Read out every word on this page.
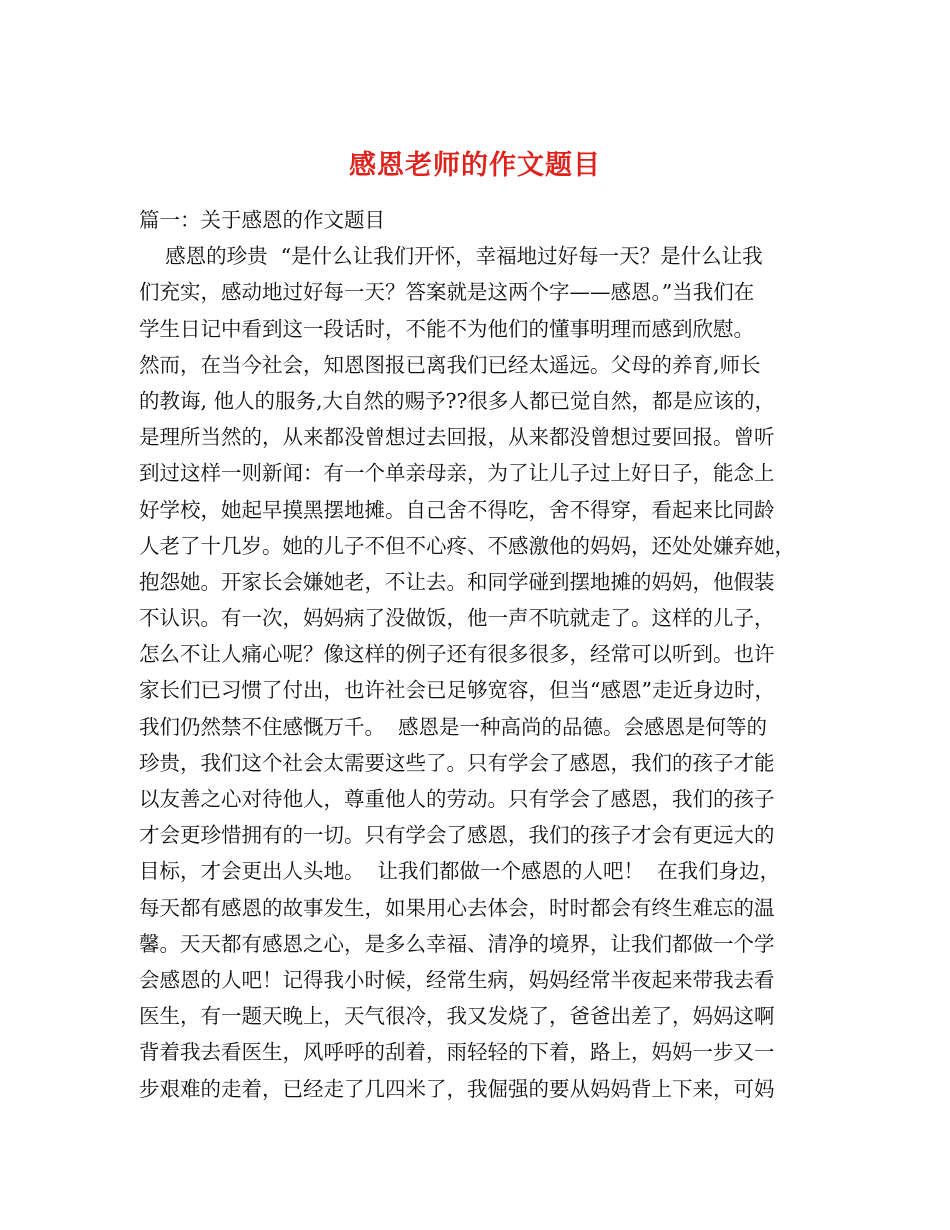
感恩老师的作文题目
篇一：关于感恩的作文题目
感恩的珍贵  “是什么让我们开怀，幸福地过好每一天？是什么让我
们充实，感动地过好每一天？答案就是这两个字——感恩。”当我们在
学生日记中看到这一段话时，不能不为他们的懂事明理而感到欣慰。
然而，在当今社会，知恩图报已离我们已经太遥远。父母的养育,师长
的教诲, 他人的服务,大自然的赐予??很多人都已觉自然，都是应该的，
是理所当然的，从来都没曾想过去回报，从来都没曾想过要回报。曾听
到过这样一则新闻：有一个单亲母亲，为了让儿子过上好日子，能念上
好学校，她起早摸黑摆地摊。自己舍不得吃，舍不得穿，看起来比同龄
人老了十几岁。她的儿子不但不心疼、不感激他的妈妈，还处处嫌弃她，
抱怨她。开家长会嫌她老，不让去。和同学碰到摆地摊的妈妈，他假装
不认识。有一次，妈妈病了没做饭，他一声不吭就走了。这样的儿子，
怎么不让人痛心呢？像这样的例子还有很多很多，经常可以听到。也许
家长们已习惯了付出，也许社会已足够宽容，但当“感恩”走近身边时，
我们仍然禁不住感慨万千。  感恩是一种高尚的品德。会感恩是何等的
珍贵，我们这个社会太需要这些了。只有学会了感恩，我们的孩子才能
以友善之心对待他人，尊重他人的劳动。只有学会了感恩，我们的孩子
才会更珍惜拥有的一切。只有学会了感恩，我们的孩子才会有更远大的
目标，才会更出人头地。  让我们都做一个感恩的人吧！  在我们身边，
每天都有感恩的故事发生，如果用心去体会，时时都会有终生难忘的温
馨。天天都有感恩之心，是多么幸福、清净的境界，让我们都做一个学
会感恩的人吧！记得我小时候，经常生病，妈妈经常半夜起来带我去看
医生，有一题天晚上，天气很冷，我又发烧了，爸爸出差了，妈妈这啊
背着我去看医生，风呼呼的刮着，雨轻轻的下着，路上，妈妈一步又一
步艰难的走着，已经走了几四米了，我倔强的要从妈妈背上下来，可妈
